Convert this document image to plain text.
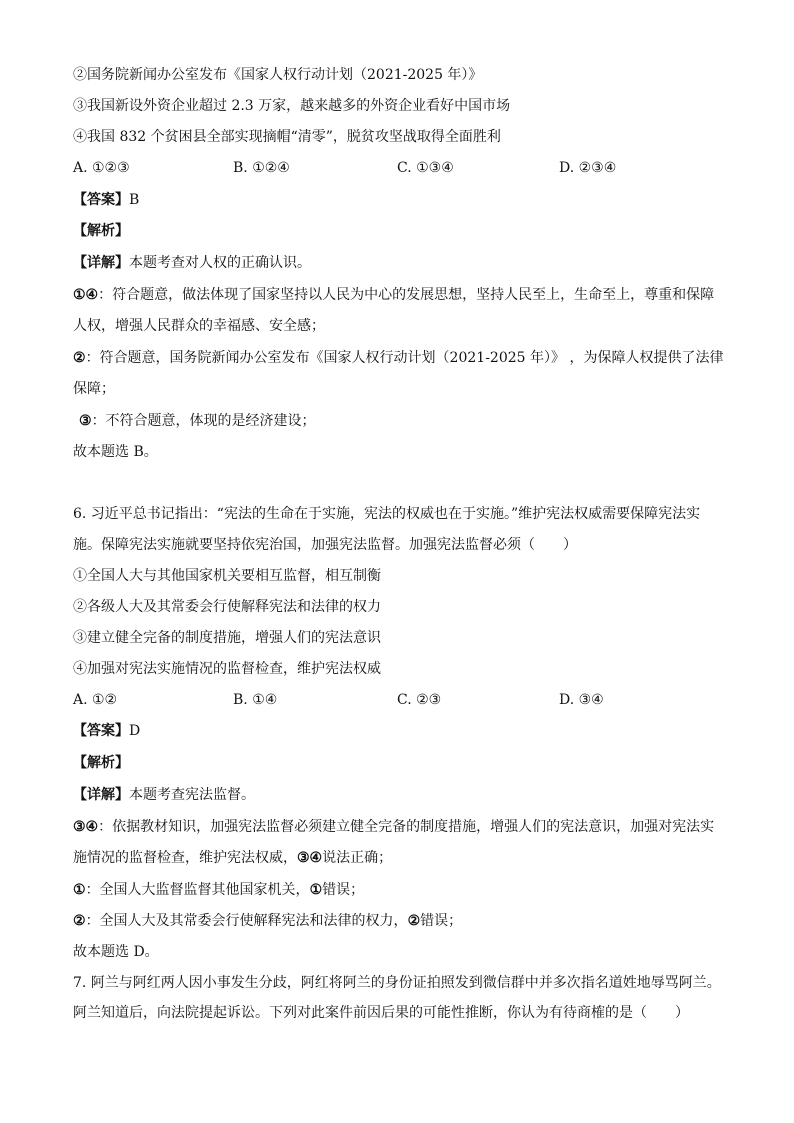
②国务院新闻办公室发布《国家人权行动计划（2021-2025 年）》
③我国新设外资企业超过 2.3 万家，越来越多的外资企业看好中国市场
④我国 832 个贫困县全部实现摘帽“清零”，脱贫攻坚战取得全面胜利
A. ①②③	B. ①②④	C. ①③④	D. ②③④
【答案】B
【解析】
【详解】本题考查对人权的正确认识。
①④：符合题意，做法体现了国家坚持以人民为中心的发展思想，坚持人民至上，生命至上，尊重和保障
人权，增强人民群众的幸福感、安全感；
②：符合题意，国务院新闻办公室发布《国家人权行动计划（2021-2025 年）》 ，为保障人权提供了法律
保障；
③：不符合题意，体现的是经济建设；
故本题选 B。
6. 习近平总书记指出：“宪法的生命在于实施，宪法的权威也在于实施。”维护宪法权威需要保障宪法实
施。保障宪法实施就要坚持依宪治国，加强宪法监督。加强宪法监督必须（　　）
①全国人大与其他国家机关要相互监督，相互制衡
②各级人大及其常委会行使解释宪法和法律的权力
③建立健全完备的制度措施，增强人们的宪法意识
④加强对宪法实施情况的监督检查，维护宪法权威
A. ①②	B. ①④	C. ②③	D. ③④
【答案】D
【解析】
【详解】本题考查宪法监督。
③④：依据教材知识，加强宪法监督必须建立健全完备的制度措施，增强人们的宪法意识，加强对宪法实
施情况的监督检查，维护宪法权威，③④说法正确；
①：全国人大监督监督其他国家机关，①错误；
②：全国人大及其常委会行使解释宪法和法律的权力，②错误；
故本题选 D。
7. 阿兰与阿红两人因小事发生分歧，阿红将阿兰的身份证拍照发到微信群中并多次指名道姓地辱骂阿兰。
阿兰知道后，向法院提起诉讼。下列对此案件前因后果的可能性推断，你认为有待商榷的是（　　）
